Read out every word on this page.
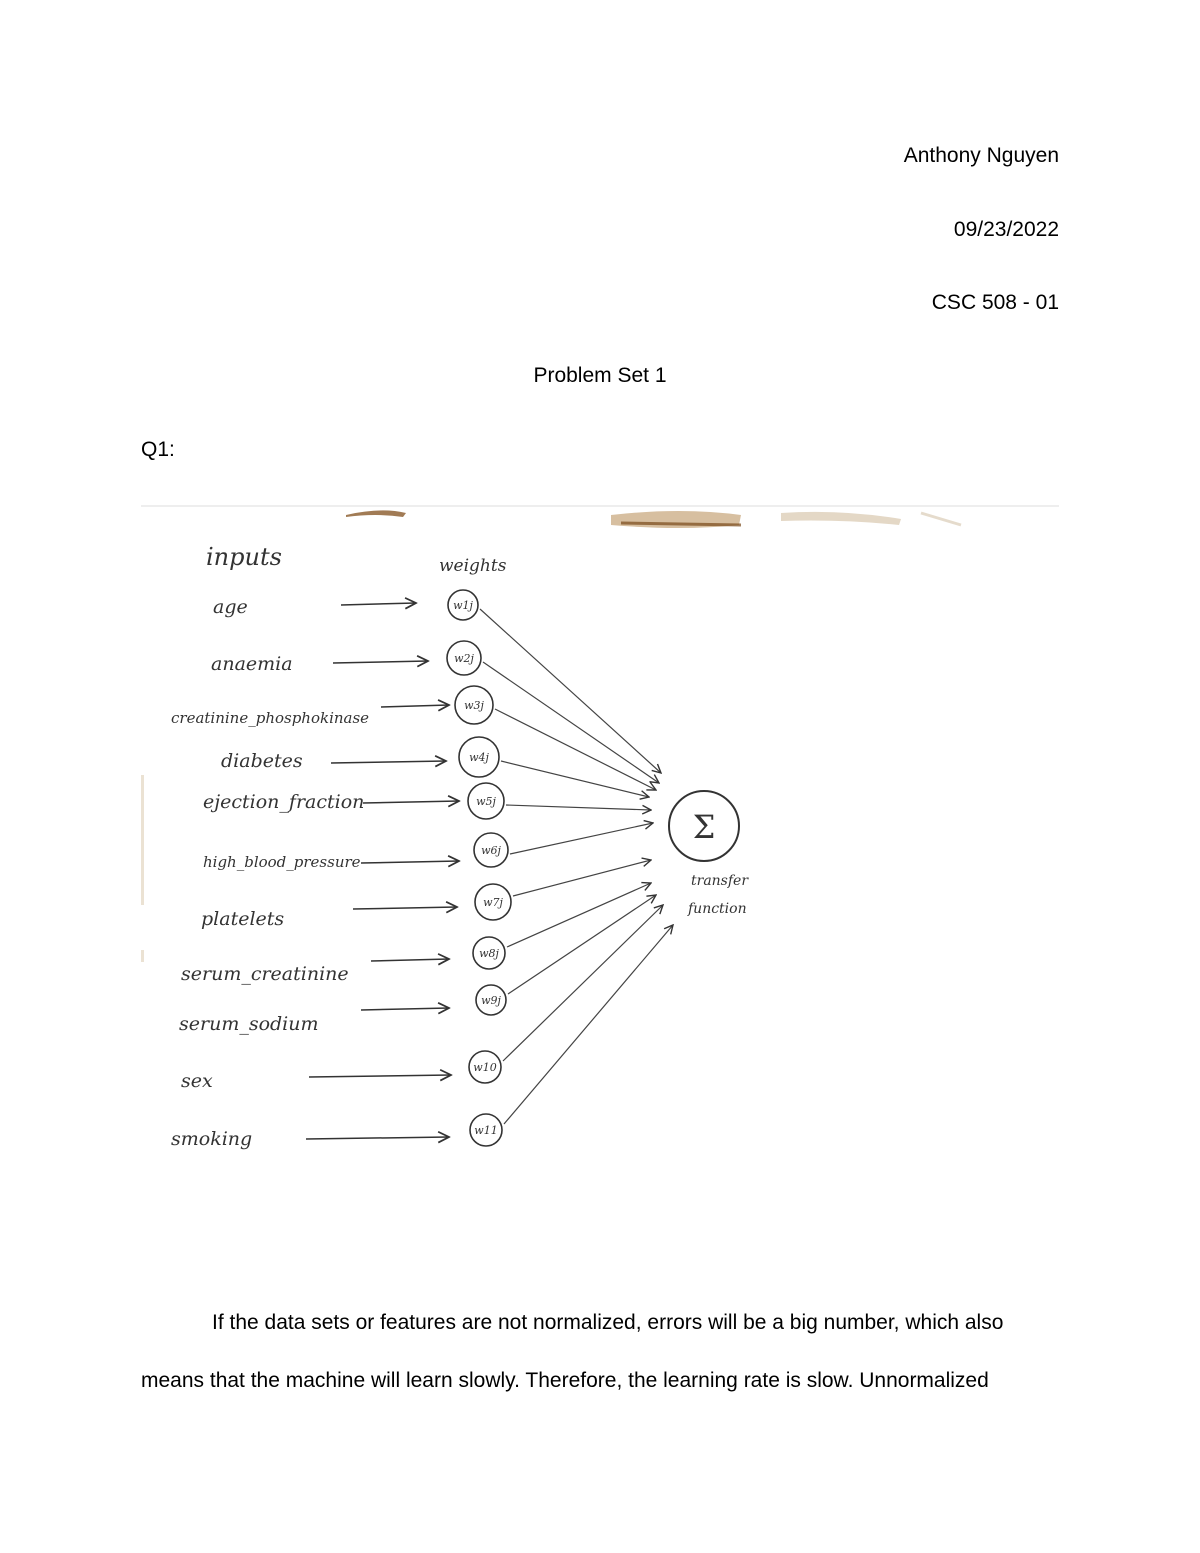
Anthony Nguyen
09/23/2022
CSC 508 - 01
Problem Set 1
Q1:
inputs	weights
age	w1j
anaemia	w2j
creatinine_phosphokinase
w3j
diabetes	w4j
ejection_fraction	w5j
high_blood_pressure
w6j
platelets
w7j
serum_creatinine
w8j
serum_sodium
w9j
sex
w10
smoking	w11
Σ
transfer
function
If the data sets or features are not normalized, errors will be a big number, which also
means that the machine will learn slowly. Therefore, the learning rate is slow. Unnormalized
